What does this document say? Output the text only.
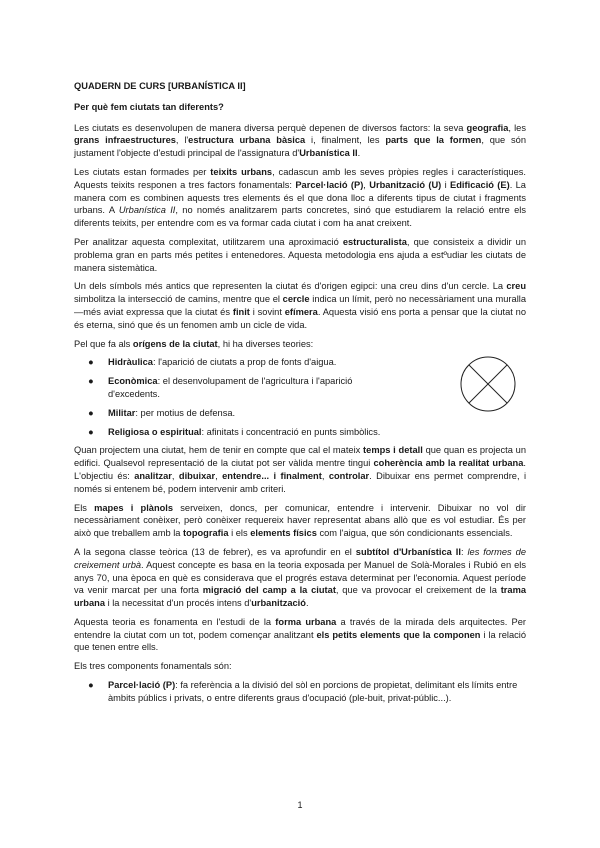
QUADERN DE CURS [URBANÍSTICA II]
Per què fem ciutats tan diferents?

Les ciutats es desenvolupen de manera diversa perquè depenen de diversos factors: la seva geografia, les grans infraestructures, l'estructura urbana bàsica i, finalment, les parts que la formen, que són justament l'objecte d'estudi principal de l'assignatura d'Urbanística II.

Les ciutats estan formades per teixits urbans, cadascun amb les seves pròpies regles i característiques. Aquests teixits responen a tres factors fonamentals: Parcel·lació (P), Urbanització (U) i Edificació (E). La manera com es combinen aquests tres elements és el que dona lloc a diferents tipus de ciutat i fragments urbans. A Urbanística II, no només analitzarem parts concretes, sinó que estudiarem la relació entre els diferents teixits, per entendre com es va formar cada ciutat i com ha anat creixent.

Per analitzar aquesta complexitat, utilitzarem una aproximació estructuralista, que consisteix a dividir un problema gran en parts més petites i entenedores. Aquesta metodologia ens ajuda a estºudiar les ciutats de manera sistemàtica.

Un dels símbols més antics que representen la ciutat és d'origen egipci: una creu dins d'un cercle. La creu simbolitza la intersecció de camins, mentre que el cercle indica un límit, però no necessàriament una muralla —més aviat expressa que la ciutat és finit i sovint efímera. Aquesta visió ens porta a pensar que la ciutat no és eterna, sinó que és un fenomen amb un cicle de vida.

Pel que fa als orígens de la ciutat, hi ha diverses teories:

● Hidràulica: l'aparició de ciutats a prop de fonts d'aigua.
● Econòmica: el desenvolupament de l'agricultura i l'aparició d'excedents.
● Militar: per motius de defensa.
● Religiosa o espiritual: afinitats i concentració en punts simbòlics.

Quan projectem una ciutat, hem de tenir en compte que cal el mateix temps i detall que quan es projecta un edifici. Qualsevol representació de la ciutat pot ser vàlida mentre tingui coherència amb la realitat urbana. L'objectiu és: analitzar, dibuixar, entendre... i finalment, controlar. Dibuixar ens permet comprendre, i només si entenem bé, podem intervenir amb criteri.

Els mapes i plànols serveixen, doncs, per comunicar, entendre i intervenir. Dibuixar no vol dir necessàriament conèixer, però conèixer requereix haver representat abans allò que es vol estudiar. És per això que treballem amb la topografia i els elements físics com l'aigua, que són condicionants essencials.

A la segona classe teòrica (13 de febrer), es va aprofundir en el subtítol d'Urbanística II: les formes de creixement urbà. Aquest concepte es basa en la teoria exposada per Manuel de Solà-Morales i Rubió en els anys 70, una època en què es considerava que el progrés estava determinat per l'economia. Aquest període va venir marcat per una forta migració del camp a la ciutat, que va provocar el creixement de la trama urbana i la necessitat d'un procés intens d'urbanització.

Aquesta teoria es fonamenta en l'estudi de la forma urbana a través de la mirada dels arquitectes. Per entendre la ciutat com un tot, podem començar analitzant els petits elements que la componen i la relació que tenen entre ells.

Els tres components fonamentals són:

● Parcel·lació (P): fa referència a la divisió del sòl en porcions de propietat, delimitant els límits entre àmbits públics i privats, o entre diferents graus d'ocupació (ple-buit, privat-públic...).
1
